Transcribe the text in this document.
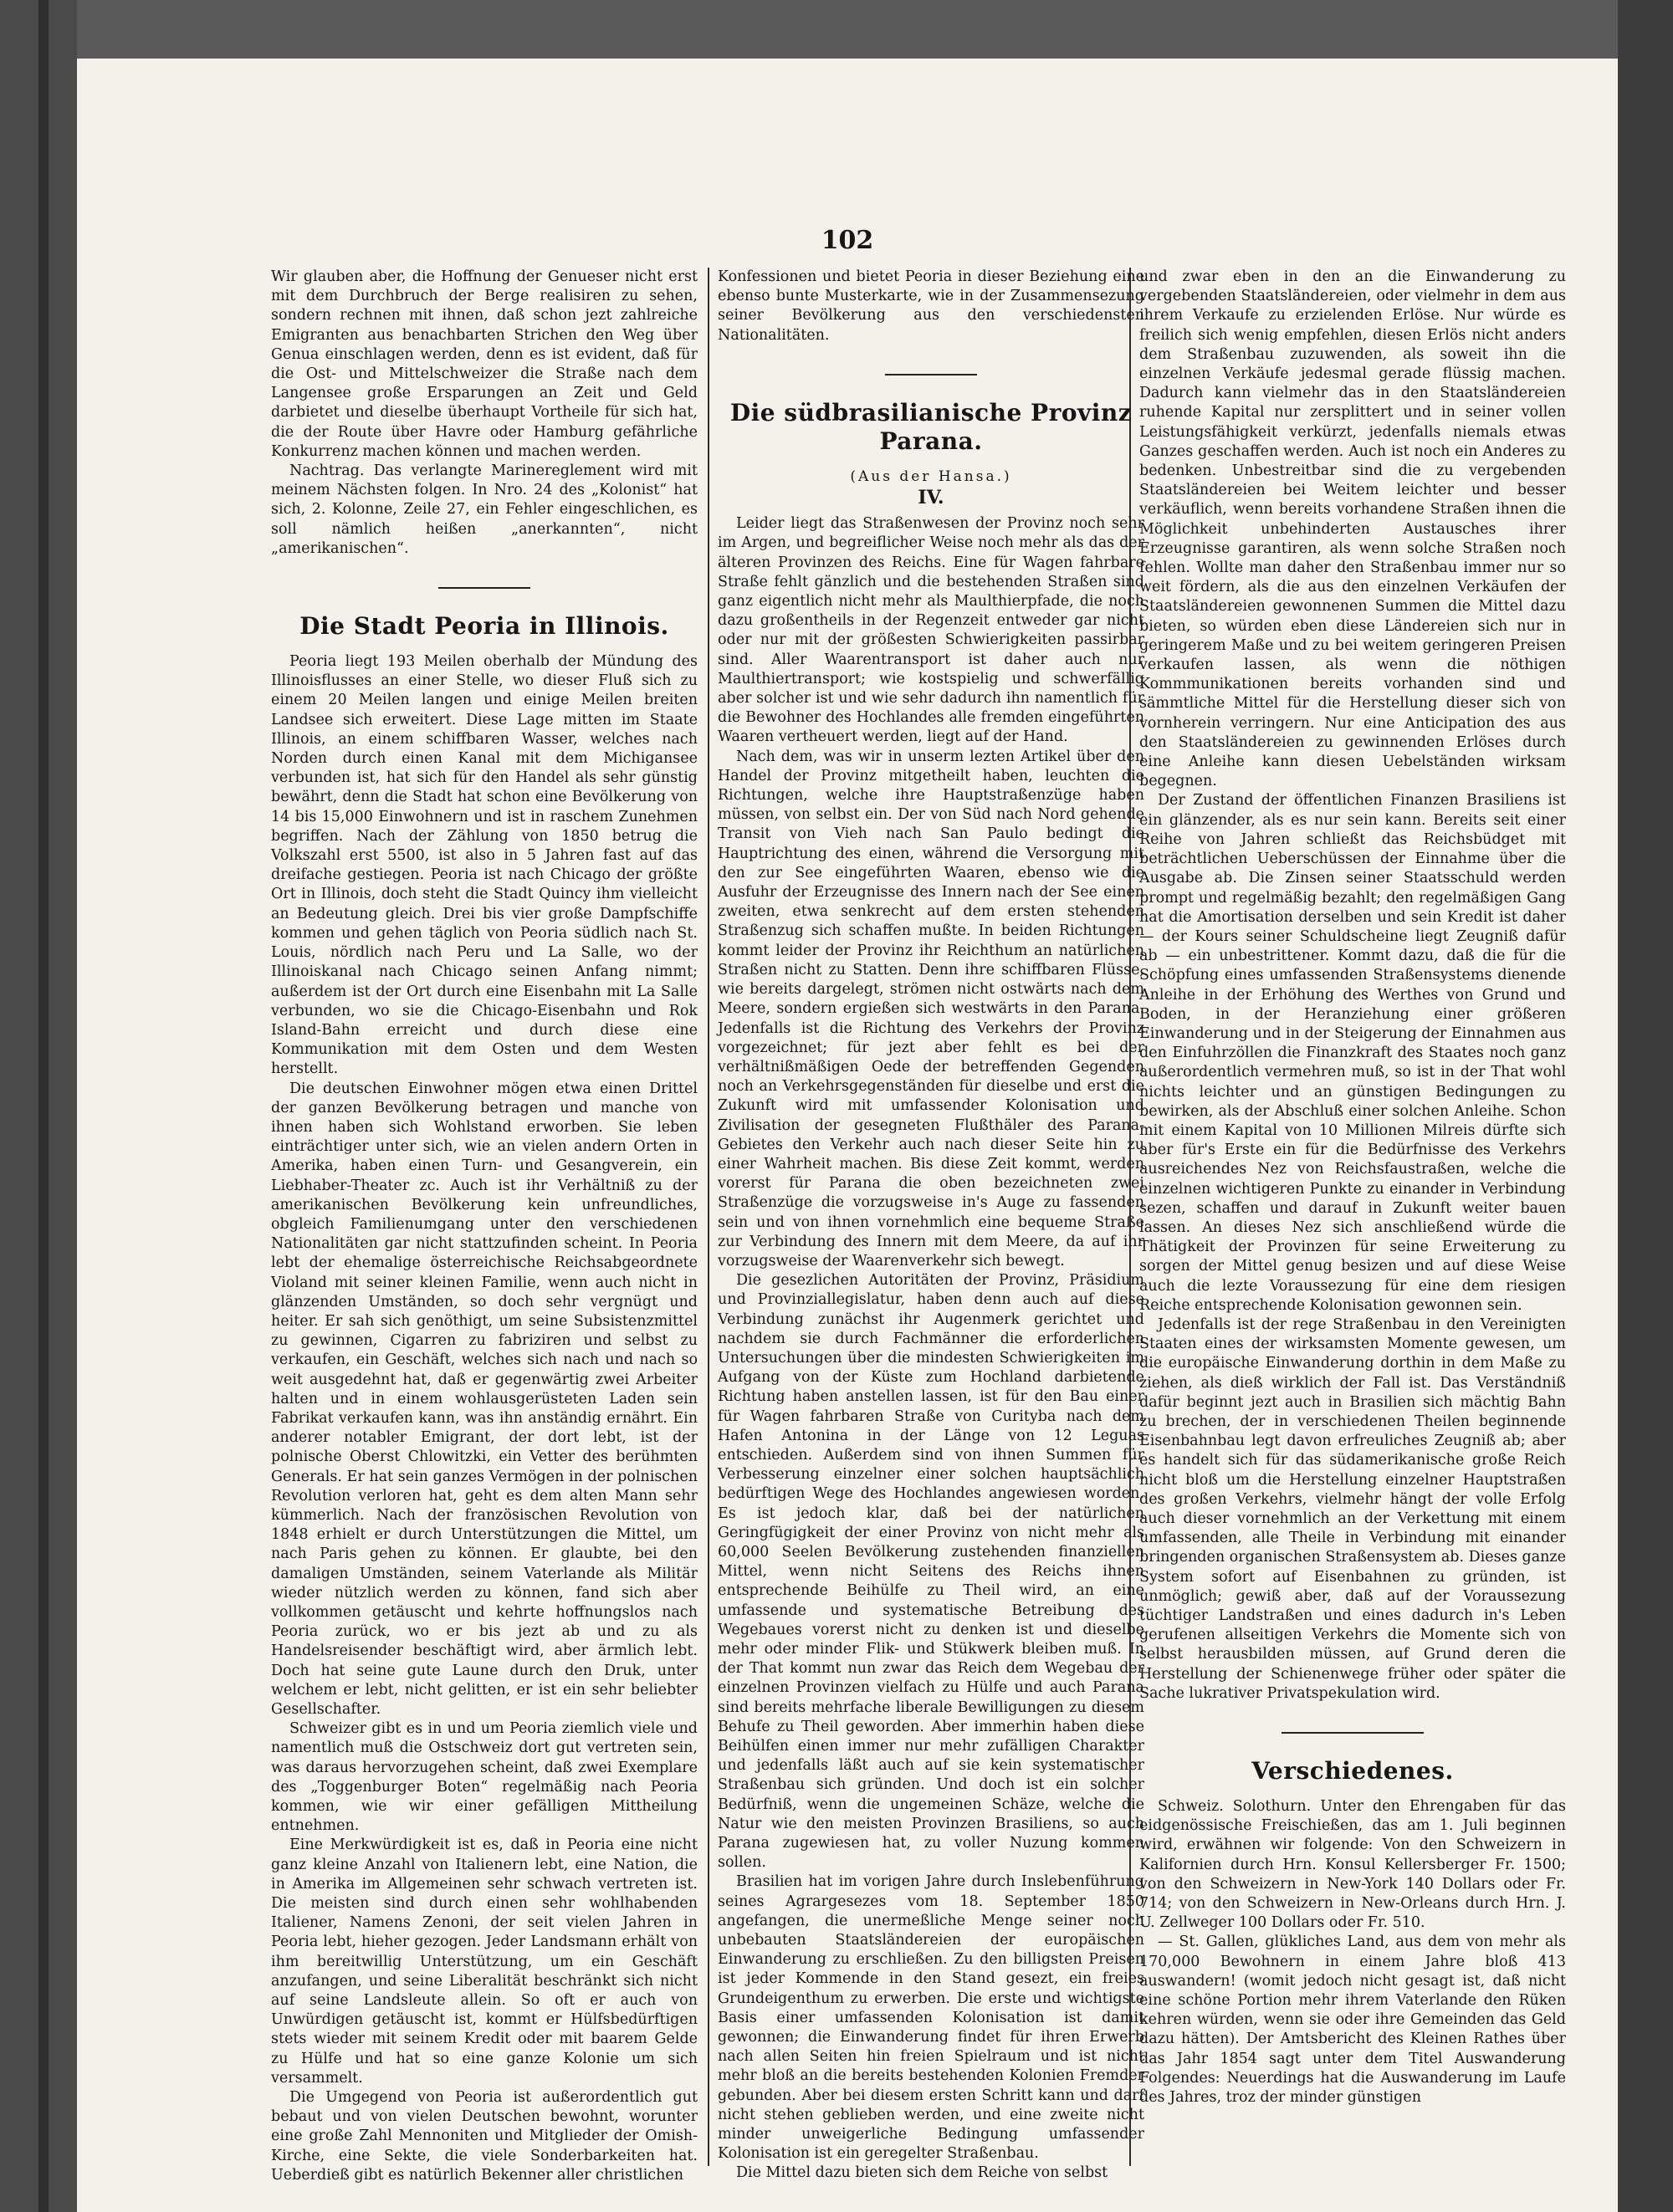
102

Wir glauben aber, die Hoffnung der Genueser nicht erst mit dem Durchbruch der Berge realisiren zu sehen, sondern rechnen mit ihnen, daß schon jezt zahlreiche Emigranten aus benachbarten Strichen den Weg über Genua einschlagen werden, denn es ist evident, daß für die Ost- und Mittelschweizer die Straße nach dem Langensee große Ersparungen an Zeit und Geld darbietet und dieselbe überhaupt Vortheile für sich hat, die der Route über Havre oder Hamburg gefährliche Konkurrenz machen können und machen werden.

Nachtrag. Das verlangte Marinereglement wird mit meinem Nächsten folgen. In Nro. 24 des „Kolonist“ hat sich, 2. Kolonne, Zeile 27, ein Fehler eingeschlichen, es soll nämlich heißen „anerkannten“, nicht „amerikanischen“.

Die Stadt Peoria in Illinois.

Peoria liegt 193 Meilen oberhalb der Mündung des Illinoisflusses an einer Stelle, wo dieser Fluß sich zu einem 20 Meilen langen und einige Meilen breiten Landsee sich erweitert. Diese Lage mitten im Staate Illinois, an einem schiffbaren Wasser, welches nach Norden durch einen Kanal mit dem Michigansee verbunden ist, hat sich für den Handel als sehr günstig bewährt, denn die Stadt hat schon eine Bevölkerung von 14 bis 15,000 Einwohnern und ist in raschem Zunehmen begriffen. Nach der Zählung von 1850 betrug die Volkszahl erst 5500, ist also in 5 Jahren fast auf das dreifache gestiegen. Peoria ist nach Chicago der größte Ort in Illinois, doch steht die Stadt Quincy ihm vielleicht an Bedeutung gleich. Drei bis vier große Dampfschiffe kommen und gehen täglich von Peoria südlich nach St. Louis, nördlich nach Peru und La Salle, wo der Illinoiskanal nach Chicago seinen Anfang nimmt; außerdem ist der Ort durch eine Eisenbahn mit La Salle verbunden, wo sie die Chicago-Eisenbahn und Rok Island-Bahn erreicht und durch diese eine Kommunikation mit dem Osten und dem Westen herstellt.

Die deutschen Einwohner mögen etwa einen Drittel der ganzen Bevölkerung betragen und manche von ihnen haben sich Wohlstand erworben. Sie leben einträchtiger unter sich, wie an vielen andern Orten in Amerika, haben einen Turn- und Gesangverein, ein Liebhaber-Theater zc. Auch ist ihr Verhältniß zu der amerikanischen Bevölkerung kein unfreundliches, obgleich Familienumgang unter den verschiedenen Nationalitäten gar nicht stattzufinden scheint. In Peoria lebt der ehemalige österreichische Reichsabgeordnete Violand mit seiner kleinen Familie, wenn auch nicht in glänzenden Umständen, so doch sehr vergnügt und heiter. Er sah sich genöthigt, um seine Subsistenzmittel zu gewinnen, Cigarren zu fabriziren und selbst zu verkaufen, ein Geschäft, welches sich nach und nach so weit ausgedehnt hat, daß er gegenwärtig zwei Arbeiter halten und in einem wohlausgerüsteten Laden sein Fabrikat verkaufen kann, was ihn anständig ernährt. Ein anderer notabler Emigrant, der dort lebt, ist der polnische Oberst Chlowitzki, ein Vetter des berühmten Generals. Er hat sein ganzes Vermögen in der polnischen Revolution verloren hat, geht es dem alten Mann sehr kümmerlich. Nach der französischen Revolution von 1848 erhielt er durch Unterstützungen die Mittel, um nach Paris gehen zu können. Er glaubte, bei den damaligen Umständen, seinem Vaterlande als Militär wieder nützlich werden zu können, fand sich aber vollkommen getäuscht und kehrte hoffnungslos nach Peoria zurück, wo er bis jezt ab und zu als Handelsreisender beschäftigt wird, aber ärmlich lebt. Doch hat seine gute Laune durch den Druk, unter welchem er lebt, nicht gelitten, er ist ein sehr beliebter Gesellschafter.

Schweizer gibt es in und um Peoria ziemlich viele und namentlich muß die Ostschweiz dort gut vertreten sein, was daraus hervorzugehen scheint, daß zwei Exemplare des „Toggenburger Boten“ regelmäßig nach Peoria kommen, wie wir einer gefälligen Mittheilung entnehmen.

Eine Merkwürdigkeit ist es, daß in Peoria eine nicht ganz kleine Anzahl von Italienern lebt, eine Nation, die in Amerika im Allgemeinen sehr schwach vertreten ist. Die meisten sind durch einen sehr wohlhabenden Italiener, Namens Zenoni, der seit vielen Jahren in Peoria lebt, hieher gezogen. Jeder Landsmann erhält von ihm bereitwillig Unterstützung, um ein Geschäft anzufangen, und seine Liberalität beschränkt sich nicht auf seine Landsleute allein. So oft er auch von Unwürdigen getäuscht ist, kommt er Hülfsbedürftigen stets wieder mit seinem Kredit oder mit baarem Gelde zu Hülfe und hat so eine ganze Kolonie um sich versammelt.

Die Umgegend von Peoria ist außerordentlich gut bebaut und von vielen Deutschen bewohnt, worunter eine große Zahl Mennoniten und Mitglieder der Omish-Kirche, eine Sekte, die viele Sonderbarkeiten hat. Ueberdieß gibt es natürlich Bekenner aller christlichen

Konfessionen und bietet Peoria in dieser Beziehung eine ebenso bunte Musterkarte, wie in der Zusammensezung seiner Bevölkerung aus den verschiedensten Nationalitäten.

Die südbrasilianische Provinz Parana.
(Aus der Hansa.)
IV.

Leider liegt das Straßenwesen der Provinz noch sehr im Argen, und begreiflicher Weise noch mehr als das der älteren Provinzen des Reichs. Eine für Wagen fahrbare Straße fehlt gänzlich und die bestehenden Straßen sind ganz eigentlich nicht mehr als Maulthierpfade, die noch dazu großentheils in der Regenzeit entweder gar nicht oder nur mit der größesten Schwierigkeiten passirbar sind. Aller Waarentransport ist daher auch nur Maulthiertransport; wie kostspielig und schwerfällig aber solcher ist und wie sehr dadurch ihn namentlich für die Bewohner des Hochlandes alle fremden eingeführten Waaren vertheuert werden, liegt auf der Hand.

Nach dem, was wir in unserm lezten Artikel über den Handel der Provinz mitgetheilt haben, leuchten die Richtungen, welche ihre Hauptstraßenzüge haben müssen, von selbst ein. Der von Süd nach Nord gehende Transit von Vieh nach San Paulo bedingt die Hauptrichtung des einen, während die Versorgung mit den zur See eingeführten Waaren, ebenso wie die Ausfuhr der Erzeugnisse des Innern nach der See einen zweiten, etwa senkrecht auf dem ersten stehenden Straßenzug sich schaffen mußte. In beiden Richtungen kommt leider der Provinz ihr Reichthum an natürlichen Straßen nicht zu Statten. Denn ihre schiffbaren Flüsse, wie bereits dargelegt, strömen nicht ostwärts nach dem Meere, sondern ergießen sich westwärts in den Parana. Jedenfalls ist die Richtung des Verkehrs der Provinz vorgezeichnet; für jezt aber fehlt es bei der verhältnißmäßigen Oede der betreffenden Gegenden noch an Verkehrsgegenständen für dieselbe und erst die Zukunft wird mit umfassender Kolonisation und Zivilisation der gesegneten Flußthäler des Parana-Gebietes den Verkehr auch nach dieser Seite hin zu einer Wahrheit machen. Bis diese Zeit kommt, werden vorerst für Parana die oben bezeichneten zwei Straßenzüge die vorzugsweise in's Auge zu fassenden sein und von ihnen vornehmlich eine bequeme Straße zur Verbindung des Innern mit dem Meere, da auf ihr vorzugsweise der Waarenverkehr sich bewegt.

Die gesezlichen Autoritäten der Provinz, Präsidium und Provinziallegislatur, haben denn auch auf diese Verbindung zunächst ihr Augenmerk gerichtet und nachdem sie durch Fachmänner die erforderlichen Untersuchungen über die mindesten Schwierigkeiten im Aufgang von der Küste zum Hochland darbietende Richtung haben anstellen lassen, ist für den Bau einer für Wagen fahrbaren Straße von Curityba nach dem Hafen Antonina in der Länge von 12 Leguas entschieden. Außerdem sind von ihnen Summen für Verbesserung einzelner einer solchen hauptsächlich bedürftigen Wege des Hochlandes angewiesen worden. Es ist jedoch klar, daß bei der natürlichen Geringfügigkeit der einer Provinz von nicht mehr als 60,000 Seelen Bevölkerung zustehenden finanziellen Mittel, wenn nicht Seitens des Reichs ihnen entsprechende Beihülfe zu Theil wird, an eine umfassende und systematische Betreibung des Wegebaues vorerst nicht zu denken ist und dieselbe mehr oder minder Flik- und Stükwerk bleiben muß. In der That kommt nun zwar das Reich dem Wegebau der einzelnen Provinzen vielfach zu Hülfe und auch Parana sind bereits mehrfache liberale Bewilligungen zu diesem Behufe zu Theil geworden. Aber immerhin haben diese Beihülfen einen immer nur mehr zufälligen Charakter und jedenfalls läßt auch auf sie kein systematischer Straßenbau sich gründen. Und doch ist ein solcher Bedürfniß, wenn die ungemeinen Schäze, welche die Natur wie den meisten Provinzen Brasiliens, so auch Parana zugewiesen hat, zu voller Nuzung kommen sollen.

Brasilien hat im vorigen Jahre durch Inslebenführung seines Agrargesezes vom 18. September 1850 angefangen, die unermeßliche Menge seiner noch unbebauten Staatsländereien der europäischen Einwanderung zu erschließen. Zu den billigsten Preisen ist jeder Kommende in den Stand gesezt, ein freies Grundeigenthum zu erwerben. Die erste und wichtigste Basis einer umfassenden Kolonisation ist damit gewonnen; die Einwanderung findet für ihren Erwerb nach allen Seiten hin freien Spielraum und ist nicht mehr bloß an die bereits bestehenden Kolonien Fremder gebunden. Aber bei diesem ersten Schritt kann und darf nicht stehen geblieben werden, und eine zweite nicht minder unweigerliche Bedingung umfassender Kolonisation ist ein geregelter Straßenbau.

Die Mittel dazu bieten sich dem Reiche von selbst

und zwar eben in den an die Einwanderung zu vergebenden Staatsländereien, oder vielmehr in dem aus ihrem Verkaufe zu erzielenden Erlöse. Nur würde es freilich sich wenig empfehlen, diesen Erlös nicht anders dem Straßenbau zuzuwenden, als soweit ihn die einzelnen Verkäufe jedesmal gerade flüssig machen. Dadurch kann vielmehr das in den Staatsländereien ruhende Kapital nur zersplittert und in seiner vollen Leistungsfähigkeit verkürzt, jedenfalls niemals etwas Ganzes geschaffen werden. Auch ist noch ein Anderes zu bedenken. Unbestreitbar sind die zu vergebenden Staatsländereien bei Weitem leichter und besser verkäuflich, wenn bereits vorhandene Straßen ihnen die Möglichkeit unbehinderten Austausches ihrer Erzeugnisse garantiren, als wenn solche Straßen noch fehlen. Wollte man daher den Straßenbau immer nur so weit fördern, als die aus den einzelnen Verkäufen der Staatsländereien gewonnenen Summen die Mittel dazu bieten, so würden eben diese Ländereien sich nur in geringerem Maße und zu bei weitem geringeren Preisen verkaufen lassen, als wenn die nöthigen Kommmunikationen bereits vorhanden sind und sämmtliche Mittel für die Herstellung dieser sich von vornherein verringern. Nur eine Anticipation des aus den Staatsländereien zu gewinnenden Erlöses durch eine Anleihe kann diesen Uebelständen wirksam begegnen.

Der Zustand der öffentlichen Finanzen Brasiliens ist ein glänzender, als es nur sein kann. Bereits seit einer Reihe von Jahren schließt das Reichsbüdget mit beträchtlichen Ueberschüssen der Einnahme über die Ausgabe ab. Die Zinsen seiner Staatsschuld werden prompt und regelmäßig bezahlt; den regelmäßigen Gang hat die Amortisation derselben und sein Kredit ist daher — der Kours seiner Schuldscheine liegt Zeugniß dafür ab — ein unbestrittener. Kommt dazu, daß die für die Schöpfung eines umfassenden Straßensystems dienende Anleihe in der Erhöhung des Werthes von Grund und Boden, in der Heranziehung einer größeren Einwanderung und in der Steigerung der Einnahmen aus den Einfuhrzöllen die Finanzkraft des Staates noch ganz außerordentlich vermehren muß, so ist in der That wohl nichts leichter und an günstigen Bedingungen zu bewirken, als der Abschluß einer solchen Anleihe. Schon mit einem Kapital von 10 Millionen Milreis dürfte sich aber für's Erste ein für die Bedürfnisse des Verkehrs ausreichendes Nez von Reichsfaustraßen, welche die einzelnen wichtigeren Punkte zu einander in Verbindung sezen, schaffen und darauf in Zukunft weiter bauen lassen. An dieses Nez sich anschließend würde die Thätigkeit der Provinzen für seine Erweiterung zu sorgen der Mittel genug besizen und auf diese Weise auch die lezte Voraussezung für eine dem riesigen Reiche entsprechende Kolonisation gewonnen sein.

Jedenfalls ist der rege Straßenbau in den Vereinigten Staaten eines der wirksamsten Momente gewesen, um die europäische Einwanderung dorthin in dem Maße zu ziehen, als dieß wirklich der Fall ist. Das Verständniß dafür beginnt jezt auch in Brasilien sich mächtig Bahn zu brechen, der in verschiedenen Theilen beginnende Eisenbahnbau legt davon erfreuliches Zeugniß ab; aber es handelt sich für das südamerikanische große Reich nicht bloß um die Herstellung einzelner Hauptstraßen des großen Verkehrs, vielmehr hängt der volle Erfolg auch dieser vornehmlich an der Verkettung mit einem umfassenden, alle Theile in Verbindung mit einander bringenden organischen Straßensystem ab. Dieses ganze System sofort auf Eisenbahnen zu gründen, ist unmöglich; gewiß aber, daß auf der Voraussezung tüchtiger Landstraßen und eines dadurch in's Leben gerufenen allseitigen Verkehrs die Momente sich von selbst herausbilden müssen, auf Grund deren die Herstellung der Schienenwege früher oder später die Sache lukrativer Privatspekulation wird.

Verschiedenes.

Schweiz. Solothurn. Unter den Ehrengaben für das eidgenössische Freischießen, das am 1. Juli beginnen wird, erwähnen wir folgende: Von den Schweizern in Kalifornien durch Hrn. Konsul Kellersberger Fr. 1500; von den Schweizern in New-York 140 Dollars oder Fr. 714; von den Schweizern in New-Orleans durch Hrn. J. U. Zellweger 100 Dollars oder Fr. 510.

— St. Gallen, glükliches Land, aus dem von mehr als 170,000 Bewohnern in einem Jahre bloß 413 auswandern! (womit jedoch nicht gesagt ist, daß nicht eine schöne Portion mehr ihrem Vaterlande den Rüken kehren würden, wenn sie oder ihre Gemeinden das Geld dazu hätten). Der Amtsbericht des Kleinen Rathes über das Jahr 1854 sagt unter dem Titel Auswanderung Folgendes: Neuerdings hat die Auswanderung im Laufe des Jahres, troz der minder günstigen
